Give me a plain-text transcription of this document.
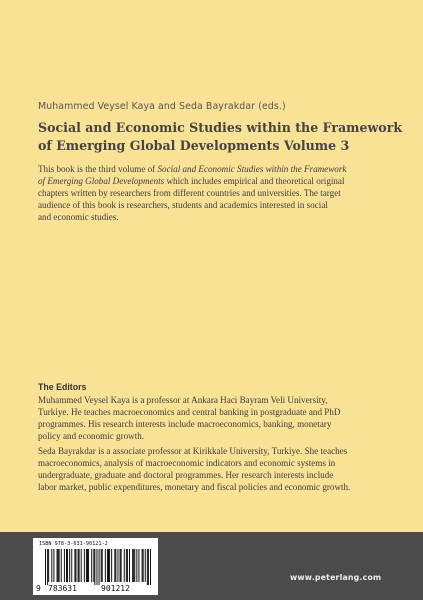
Muhammed Veysel Kaya and Seda Bayrakdar (eds.)
Social and Economic Studies within the Framework
of Emerging Global Developments Volume 3
This book is the third volume of Social and Economic Studies within the Framework
of Emerging Global Developments which includes empirical and theoretical original
chapters written by researchers from different countries and universities. The target
audience of this book is researchers, students and academics interested in social
and economic studies.
The Editors
Muhammed Veysel Kaya is a professor at Ankara Haci Bayram Veli University,
Turkiye. He teaches macroeconomics and central banking in postgraduate and PhD
programmes. His research interests include macroeconomics, banking, monetary
policy and economic growth.
Seda Bayrakdar is a associate professor at Kirikkale University, Turkiye. She teaches
macroeconomics, analysis of macroeconomic indicators and economic systems in
undergraduate, graduate and doctoral programmes. Her research interests include
labor market, public expenditures, monetary and fiscal policies and economic growth.
ISBN 978-3-631-90121-2
9 783631	901212
www.peterlang.com
